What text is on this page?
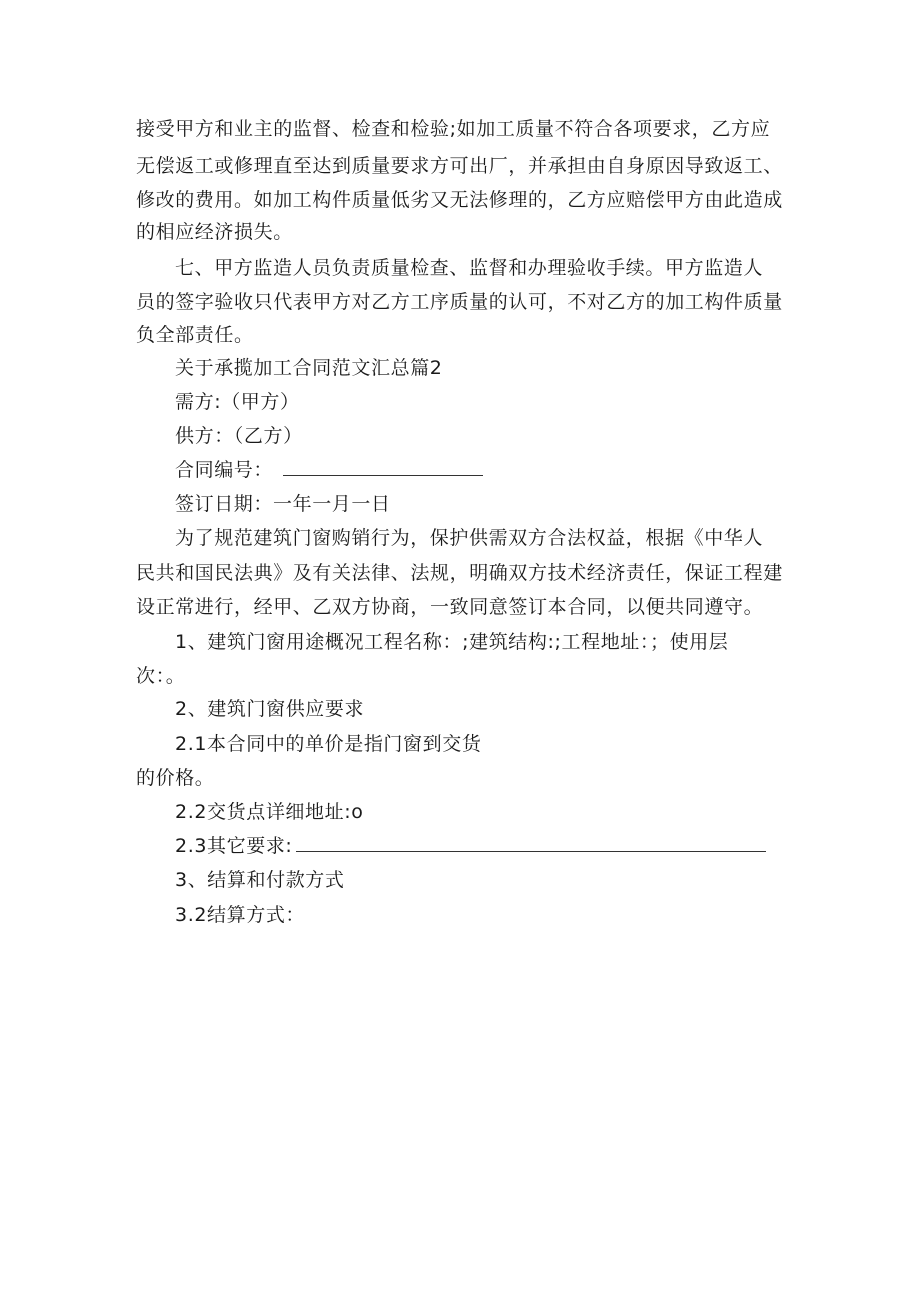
接受甲方和业主的监督、检查和检验;如加工质量不符合各项要求，乙方应
无偿返工或修理直至达到质量要求方可出厂，并承担由自身原因导致返工、
修改的费用。如加工构件质量低劣又无法修理的，乙方应赔偿甲方由此造成
的相应经济损失。
七、甲方监造人员负责质量检查、监督和办理验收手续。甲方监造人
员的签字验收只代表甲方对乙方工序质量的认可，不对乙方的加工构件质量
负全部责任。
关于承揽加工合同范文汇总篇2
需方:（甲方）
供方：（乙方）
合同编号：
签订日期：一年一月一日
为了规范建筑门窗购销行为，保护供需双方合法权益，根据《中华人
民共和国民法典》及有关法律、法规，明确双方技术经济责任，保证工程建
设正常进行，经甲、乙双方协商，一致同意签订本合同，以便共同遵守。
1、建筑门窗用途概况工程名称：;建筑结构:;工程地址：；使用层
次：。
2、建筑门窗供应要求
2.1本合同中的单价是指门窗到交货
的价格。
2.2交货点详细地址:o
2.3其它要求:
3、结算和付款方式
3.2结算方式：
